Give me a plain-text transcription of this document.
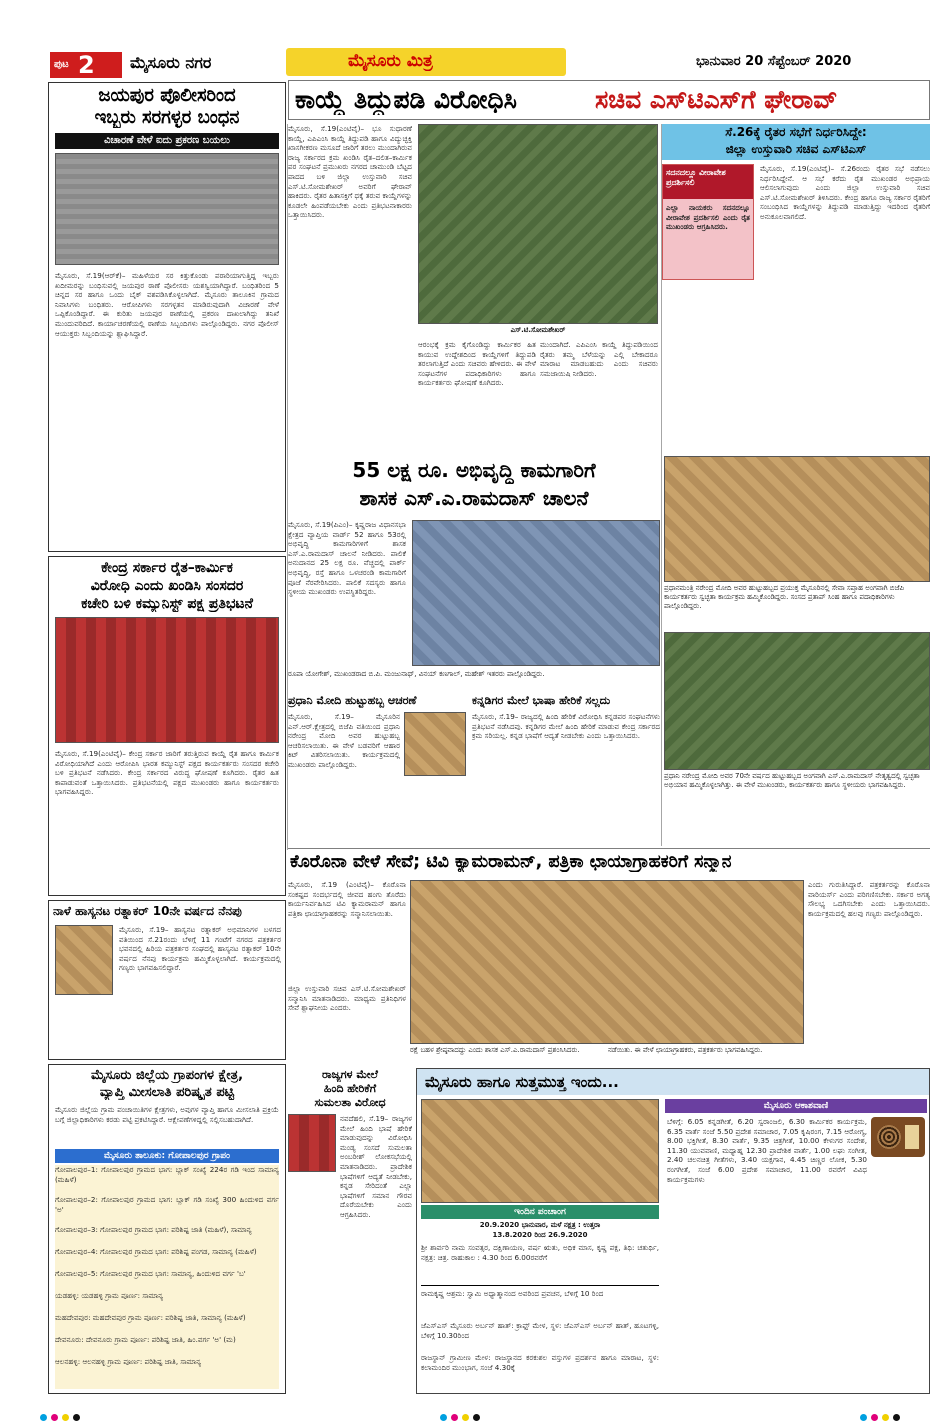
ಪುಟ 2 ಮೈಸೂರು ನಗರ	ಮೈಸೂರು ಮಿತ್ರ	ಭಾನುವಾರ 20 ಸೆಪ್ಟೆಂಬರ್ 2020
ಕಾಯ್ದೆ ತಿದ್ದುಪಡಿ ವಿರೋಧಿಸಿ	ಸಚಿವ ಎಸ್‌ಟಿಎಸ್‌ಗೆ ಘೇರಾವ್
ಜಯಪುರ ಪೊಲೀಸರಿಂದ
ಇಬ್ಬರು ಸರಗಳ್ಳರ ಬಂಧನ
ವಿಚಾರಣೆ ವೇಳೆ ಐದು ಪ್ರಕರಣ ಬಯಲು
ಮೈಸೂರು, ಸೆ.19(ಆರ್‌ಕೆ)– ಮಹಿಳೆಯರ ಸರ ಕಿತ್ತುಕೊಂಡು ಪರಾರಿಯಾಗುತ್ತಿದ್ದ ಇಬ್ಬರು ಖದೀಮರನ್ನು ಬಂಧಿಸುವಲ್ಲಿ ಜಯಪುರ ಠಾಣೆ ಪೊಲೀಸರು ಯಶಸ್ವಿಯಾಗಿದ್ದಾರೆ. ಬಂಧಿತರಿಂದ 5 ಚಿನ್ನದ ಸರ ಹಾಗೂ ಒಂದು ಬೈಕ್ ವಶಪಡಿಸಿಕೊಳ್ಳಲಾಗಿದೆ. ಮೈಸೂರು ತಾಲೂಕಿನ ಗ್ರಾಮದ ನಿವಾಸಿಗಳು ಬಂಧಿತರು. ಆರೋಪಿಗಳು ಸರಗಳ್ಳತನ ಮಾಡಿರುವುದಾಗಿ ವಿಚಾರಣೆ ವೇಳೆ ಒಪ್ಪಿಕೊಂಡಿದ್ದಾರೆ. ಈ ಕುರಿತು ಜಯಪುರ ಠಾಣೆಯಲ್ಲಿ ಪ್ರಕರಣ ದಾಖಲಾಗಿದ್ದು ತನಿಖೆ ಮುಂದುವರಿದಿದೆ. ಕಾರ್ಯಾಚರಣೆಯಲ್ಲಿ ಠಾಣೆಯ ಸಿಬ್ಬಂದಿಗಳು ಪಾಲ್ಗೊಂಡಿದ್ದರು. ನಗರ ಪೊಲೀಸ್ ಆಯುಕ್ತರು ಸಿಬ್ಬಂದಿಯನ್ನು ಶ್ಲಾಘಿಸಿದ್ದಾರೆ.
ಕೇಂದ್ರ ಸರ್ಕಾರ ರೈತ–ಕಾರ್ಮಿಕ
ವಿರೋಧಿ ಎಂದು ಖಂಡಿಸಿ ಸಂಸದರ
ಕಚೇರಿ ಬಳಿ ಕಮ್ಯುನಿಸ್ಟ್ ಪಕ್ಷ ಪ್ರತಿಭಟನೆ
ಮೈಸೂರು, ಸೆ.19(ಎಂಟಿವೈ)– ಕೇಂದ್ರ ಸರ್ಕಾರ ಜಾರಿಗೆ ತರುತ್ತಿರುವ ಕಾಯ್ದೆ ರೈತ ಹಾಗೂ ಕಾರ್ಮಿಕ ವಿರೋಧಿಯಾಗಿದೆ ಎಂದು ಆರೋಪಿಸಿ ಭಾರತ ಕಮ್ಯುನಿಸ್ಟ್ ಪಕ್ಷದ ಕಾರ್ಯಕರ್ತರು ಸಂಸದರ ಕಚೇರಿ ಬಳಿ ಪ್ರತಿಭಟನೆ ನಡೆಸಿದರು. ಕೇಂದ್ರ ಸರ್ಕಾರದ ವಿರುದ್ಧ ಘೋಷಣೆ ಕೂಗಿದರು. ರೈತರ ಹಿತ ಕಾಪಾಡುವಂತೆ ಒತ್ತಾಯಿಸಿದರು. ಪ್ರತಿಭಟನೆಯಲ್ಲಿ ಪಕ್ಷದ ಮುಖಂಡರು ಹಾಗೂ ಕಾರ್ಯಕರ್ತರು ಭಾಗವಹಿಸಿದ್ದರು.
ನಾಳೆ ಹಾಸ್ಯನಟ ರತ್ನಾಕರ್ 10ನೇ ವರ್ಷದ ನೆನಪು
ಮೈಸೂರು, ಸೆ.19– ಹಾಸ್ಯನಟ ರತ್ನಾಕರ್ ಅಭಿಮಾನಿಗಳ ಬಳಗದ ವತಿಯಿಂದ ಸೆ.21ರಂದು ಬೆಳಿಗ್ಗೆ 11 ಗಂಟೆಗೆ ನಗರದ ಪತ್ರಕರ್ತರ ಭವನದಲ್ಲಿ ಹಿರಿಯ ಪತ್ರಕರ್ತರ ಸಂಘದಲ್ಲಿ ಹಾಸ್ಯನಟ ರತ್ನಾಕರ್ 10ನೇ ವರ್ಷದ ನೆನಪು ಕಾರ್ಯಕ್ರಮ ಹಮ್ಮಿಕೊಳ್ಳಲಾಗಿದೆ. ಕಾರ್ಯಕ್ರಮದಲ್ಲಿ ಗಣ್ಯರು ಭಾಗವಹಿಸಲಿದ್ದಾರೆ.
ಮೈಸೂರು ಜಿಲ್ಲೆಯ ಗ್ರಾಪಂಗಳ ಕ್ಷೇತ್ರ,
ವ್ಯಾಪ್ತಿ ಮೀಸಲಾತಿ ಪರಿಷ್ಕೃತ ಪಟ್ಟಿ
ಮೈಸೂರು ಜಿಲ್ಲೆಯ ಗ್ರಾಮ ಪಂಚಾಯಿತಿಗಳ ಕ್ಷೇತ್ರಗಳು, ಅವುಗಳ ವ್ಯಾಪ್ತಿ ಹಾಗೂ ಮೀಸಲಾತಿ ಪ್ರಕ್ರಿಯೆ ಬಗ್ಗೆ ಜಿಲ್ಲಾಧಿಕಾರಿಗಳು ಕರಡು ಪಟ್ಟಿ ಪ್ರಕಟಿಸಿದ್ದಾರೆ. ಆಕ್ಷೇಪಣೆಗಳಿದ್ದಲ್ಲಿ ಸಲ್ಲಿಸಬಹುದಾಗಿದೆ.
ಮೈಸೂರು ತಾಲೂಕು: ಗೋಪಾಲಪುರ ಗ್ರಾಪಂ
ಗೋಪಾಲಪುರ–1: ಗೋಪಾಲಪುರ ಗ್ರಾಮದ ಭಾಗ: ಬ್ಲಾಕ್ ಸಂಖ್ಯೆ 224ರ ಗಡಿ ಇಂದ ಸಾಮಾನ್ಯ (ಮಹಿಳೆ)
ಗೋಪಾಲಪುರ–2: ಗೋಪಾಲಪುರ ಗ್ರಾಮದ ಭಾಗ: ಬ್ಲಾಕ್ ಗಡಿ ಸಂಖ್ಯೆ 300 ಹಿಂದುಳಿದ ವರ್ಗ 'ಅ'
ಗೋಪಾಲಪುರ–3: ಗೋಪಾಲಪುರ ಗ್ರಾಮದ ಭಾಗ: ಪರಿಶಿಷ್ಟ ಜಾತಿ (ಮಹಿಳೆ), ಸಾಮಾನ್ಯ
ಗೋಪಾಲಪುರ–4: ಗೋಪಾಲಪುರ ಗ್ರಾಮದ ಭಾಗ: ಪರಿಶಿಷ್ಟ ಪಂಗಡ, ಸಾಮಾನ್ಯ (ಮಹಿಳೆ)
ಗೋಪಾಲಪುರ–5: ಗೋಪಾಲಪುರ ಗ್ರಾಮದ ಭಾಗ: ಸಾಮಾನ್ಯ, ಹಿಂದುಳಿದ ವರ್ಗ 'ಬ'
ಯಡಹಳ್ಳಿ: ಯಡಹಳ್ಳಿ ಗ್ರಾಮ ಪೂರ್ಣ: ಸಾಮಾನ್ಯ
ಮಹದೇವಪುರ: ಮಹದೇವಪುರ ಗ್ರಾಮ ಪೂರ್ಣ: ಪರಿಶಿಷ್ಟ ಜಾತಿ, ಸಾಮಾನ್ಯ (ಮಹಿಳೆ)
ದೇವನೂರು: ದೇವನೂರು ಗ್ರಾಮ ಪೂರ್ಣ: ಪರಿಶಿಷ್ಟ ಜಾತಿ, ಹಿಂ.ವರ್ಗ 'ಅ' (ಮ)
ಆಲನಹಳ್ಳಿ: ಆಲನಹಳ್ಳಿ ಗ್ರಾಮ ಪೂರ್ಣ: ಪರಿಶಿಷ್ಟ ಜಾತಿ, ಸಾಮಾನ್ಯ
ಮೈಸೂರು, ಸೆ.19(ಎಂಟಿವೈ)– ಭೂ ಸುಧಾರಣೆ ಕಾಯ್ದೆ, ಎಪಿಎಂಸಿ ಕಾಯ್ದೆ ತಿದ್ದುಪಡಿ ಹಾಗೂ ವಿದ್ಯುಚ್ಛಕ್ತಿ ಖಾಸಗೀಕರಣ ಮಸೂದೆ ಜಾರಿಗೆ ತರಲು ಮುಂದಾಗಿರುವ ರಾಜ್ಯ ಸರ್ಕಾರದ ಕ್ರಮ ಖಂಡಿಸಿ ರೈತ–ದಲಿತ–ಕಾರ್ಮಿಕ ಪರ ಸಂಘಟನೆ ಪ್ರಮುಖರು ನಗರದ ಚಾಮುಂಡಿ ಬೆಟ್ಟದ ಪಾದದ ಬಳಿ ಜಿಲ್ಲಾ ಉಸ್ತುವಾರಿ ಸಚಿವ ಎಸ್.ಟಿ.ಸೋಮಶೇಖರ್ ಅವರಿಗೆ ಘೇರಾವ್ ಹಾಕಿದರು. ರೈತರ ಹಿತಾಸಕ್ತಿಗೆ ಧಕ್ಕೆ ತರುವ ಕಾಯ್ದೆಗಳನ್ನು ಕೂಡಲೇ ಹಿಂಪಡೆಯಬೇಕು ಎಂದು ಪ್ರತಿಭಟನಾಕಾರರು ಒತ್ತಾಯಿಸಿದರು.
ಎಸ್.ಟಿ.ಸೋಮಶೇಖರ್
ಆರಂಭಕ್ಕೆ ಕ್ರಮ ಕೈಗೊಂಡಿದ್ದು ಕಾರ್ಮಿಕರ ಹಿತ ಕಾಯುವ ಉದ್ದೇಶದಿಂದ ಕಾಯ್ದೆಗಳಿಗೆ ತಿದ್ದುಪಡಿ ತರಲಾಗುತ್ತಿದೆ ಎಂದು ಸಚಿವರು ಹೇಳಿದರು. ಈ ವೇಳೆ ಸಂಘಟನೆಗಳ ಪದಾಧಿಕಾರಿಗಳು ಹಾಗೂ ಕಾರ್ಯಕರ್ತರು ಘೋಷಣೆ ಕೂಗಿದರು.
ಮುಂದಾಗಿದೆ. ಎಪಿಎಂಸಿ ಕಾಯ್ದೆ ತಿದ್ದುಪಡಿಯಿಂದ ರೈತರು ತಮ್ಮ ಬೆಳೆಯನ್ನು ಎಲ್ಲಿ ಬೇಕಾದರೂ ಮಾರಾಟ ಮಾಡಬಹುದು ಎಂದು ಸಚಿವರು ಸಮಜಾಯಿಷಿ ನೀಡಿದರು.
ಸೆ.26ಕ್ಕೆ ರೈತರ ಸಭೆಗೆ ನಿರ್ಧರಿಸಿದ್ದೇ:
ಜಿಲ್ಲಾ ಉಸ್ತುವಾರಿ ಸಚಿವ ಎಸ್‌ಟಿಎಸ್
ಸದನದಲ್ಲೂ ವೀರಾವೇಶ ಪ್ರದರ್ಶಿಸಲಿ
ಎಲ್ಲಾ ನಾಯಕರು ಸದನದಲ್ಲೂ ವೀರಾವೇಶ ಪ್ರದರ್ಶಿಸಲಿ ಎಂದು ರೈತ ಮುಖಂಡರು ಆಗ್ರಹಿಸಿದರು.
ಮೈಸೂರು, ಸೆ.19(ಎಂಟಿವೈ)– ಸೆ.26ರಂದು ರೈತರ ಸಭೆ ನಡೆಸಲು ನಿರ್ಧರಿಸಿದ್ದೇನೆ. ಆ ಸಭೆ ಕರೆದು ರೈತ ಮುಖಂಡರ ಅಭಿಪ್ರಾಯ ಆಲಿಸಲಾಗುವುದು ಎಂದು ಜಿಲ್ಲಾ ಉಸ್ತುವಾರಿ ಸಚಿವ ಎಸ್.ಟಿ.ಸೋಮಶೇಖರ್ ತಿಳಿಸಿದರು. ಕೇಂದ್ರ ಹಾಗೂ ರಾಜ್ಯ ಸರ್ಕಾರ ರೈತರಿಗೆ ಸಂಬಂಧಿಸಿದ ಕಾಯ್ದೆಗಳನ್ನು ತಿದ್ದುಪಡಿ ಮಾಡುತ್ತಿದ್ದು ಇದರಿಂದ ರೈತರಿಗೆ ಅನುಕೂಲವಾಗಲಿದೆ.
55 ಲಕ್ಷ ರೂ. ಅಭಿವೃದ್ಧಿ ಕಾಮಗಾರಿಗೆ
ಶಾಸಕ ಎಸ್.ಎ.ರಾಮದಾಸ್ ಚಾಲನೆ
ಮೈಸೂರು, ಸೆ.19(ಪಿಎಂ)– ಕೃಷ್ಣರಾಜ ವಿಧಾನಸಭಾ ಕ್ಷೇತ್ರದ ವ್ಯಾಪ್ತಿಯ ವಾರ್ಡ್ 52 ಹಾಗೂ 53ರಲ್ಲಿ ಅಭಿವೃದ್ಧಿ ಕಾಮಗಾರಿಗಳಿಗೆ ಶಾಸಕ ಎಸ್.ಎ.ರಾಮದಾಸ್ ಚಾಲನೆ ನೀಡಿದರು. ಪಾಲಿಕೆ ಅನುದಾನದ 25 ಲಕ್ಷ ರೂ. ವೆಚ್ಚದಲ್ಲಿ ಪಾರ್ಕ್ ಅಭಿವೃದ್ಧಿ, ರಸ್ತೆ ಹಾಗೂ ಒಳಚರಂಡಿ ಕಾಮಗಾರಿಗೆ ಪೂಜೆ ನೆರವೇರಿಸಿದರು. ಪಾಲಿಕೆ ಸದಸ್ಯರು ಹಾಗೂ ಸ್ಥಳೀಯ ಮುಖಂಡರು ಉಪಸ್ಥಿತರಿದ್ದರು.
ರೂಪಾ ಯೋಗೇಶ್, ಮುಖಂಡರಾದ ಬಿ.ಪಿ. ಮಂಜುನಾಥ್, ವಿನಯ್ ಕಣಗಾಲ್, ಮಹೇಶ್ ಇತರರು ಪಾಲ್ಗೊಂಡಿದ್ದರು.
ಪ್ರಧಾನಮಂತ್ರಿ ನರೇಂದ್ರ ಮೋದಿ ಅವರ ಹುಟ್ಟುಹಬ್ಬದ ಪ್ರಯುಕ್ತ ಮೈಸೂರಿನಲ್ಲಿ ಸೇವಾ ಸಪ್ತಾಹ ಅಂಗವಾಗಿ ಬಿಜೆಪಿ ಕಾರ್ಯಕರ್ತರು ಸ್ವಚ್ಛತಾ ಕಾರ್ಯಕ್ರಮ ಹಮ್ಮಿಕೊಂಡಿದ್ದರು. ಸಂಸದ ಪ್ರತಾಪ್ ಸಿಂಹ ಹಾಗೂ ಪದಾಧಿಕಾರಿಗಳು ಪಾಲ್ಗೊಂಡಿದ್ದರು.
ಪ್ರಧಾನಿ ನರೇಂದ್ರ ಮೋದಿ ಅವರ 70ನೇ ವರ್ಷದ ಹುಟ್ಟುಹಬ್ಬದ ಅಂಗವಾಗಿ ಎಸ್.ಎ.ರಾಮದಾಸ್ ನೇತೃತ್ವದಲ್ಲಿ ಸ್ವಚ್ಛತಾ ಅಭಿಯಾನ ಹಮ್ಮಿಕೊಳ್ಳಲಾಗಿತ್ತು. ಈ ವೇಳೆ ಮುಖಂಡರು, ಕಾರ್ಯಕರ್ತರು ಹಾಗೂ ಸ್ಥಳೀಯರು ಭಾಗವಹಿಸಿದ್ದರು.
ಪ್ರಧಾನಿ ಮೋದಿ ಹುಟ್ಟುಹಬ್ಬ ಆಚರಣೆ
ಮೈಸೂರು, ಸೆ.19– ಮೈಸೂರಿನ ಎನ್.ಆರ್.ಕ್ಷೇತ್ರದಲ್ಲಿ ಬಿಜೆಪಿ ವತಿಯಿಂದ ಪ್ರಧಾನಿ ನರೇಂದ್ರ ಮೋದಿ ಅವರ ಹುಟ್ಟುಹಬ್ಬ ಆಚರಿಸಲಾಯಿತು. ಈ ವೇಳೆ ಬಡವರಿಗೆ ಆಹಾರ ಕಿಟ್ ವಿತರಿಸಲಾಯಿತು. ಕಾರ್ಯಕ್ರಮದಲ್ಲಿ ಮುಖಂಡರು ಪಾಲ್ಗೊಂಡಿದ್ದರು.
ಕನ್ನಡಿಗರ ಮೇಲೆ ಭಾಷಾ ಹೇರಿಕೆ ಸಲ್ಲದು
ಮೈಸೂರು, ಸೆ.19– ರಾಜ್ಯದಲ್ಲಿ ಹಿಂದಿ ಹೇರಿಕೆ ವಿರೋಧಿಸಿ ಕನ್ನಡಪರ ಸಂಘಟನೆಗಳು ಪ್ರತಿಭಟನೆ ನಡೆಸಿದವು. ಕನ್ನಡಿಗರ ಮೇಲೆ ಹಿಂದಿ ಹೇರಿಕೆ ಮಾಡುವ ಕೇಂದ್ರ ಸರ್ಕಾರದ ಕ್ರಮ ಸರಿಯಲ್ಲ. ಕನ್ನಡ ಭಾಷೆಗೆ ಆದ್ಯತೆ ನೀಡಬೇಕು ಎಂದು ಒತ್ತಾಯಿಸಿದರು.
ಕೊರೊನಾ ವೇಳೆ ಸೇವೆ; ಟಿವಿ ಕ್ಯಾಮರಾಮನ್, ಪತ್ರಿಕಾ ಛಾಯಾಗ್ರಾಹಕರಿಗೆ ಸನ್ಮಾನ
ಮೈಸೂರು, ಸೆ.19 (ಎಂಟಿವೈ)– ಕೊರೊನಾ ಸಂಕಷ್ಟದ ಸಂದರ್ಭದಲ್ಲಿ ಜೀವದ ಹಂಗು ತೊರೆದು ಕಾರ್ಯನಿರ್ವಹಿಸಿದ ಟಿವಿ ಕ್ಯಾಮರಾಮನ್ ಹಾಗೂ ಪತ್ರಿಕಾ ಛಾಯಾಗ್ರಾಹಕರನ್ನು ಸನ್ಮಾನಿಸಲಾಯಿತು.
ಜಿಲ್ಲಾ ಉಸ್ತುವಾರಿ ಸಚಿವ ಎಸ್.ಟಿ.ಸೋಮಶೇಖರ್ ಸನ್ಮಾನಿಸಿ ಮಾತನಾಡಿದರು. ಮಾಧ್ಯಮ ಪ್ರತಿನಿಧಿಗಳ ಸೇವೆ ಶ್ಲಾಘನೀಯ ಎಂದರು.
ರಕ್ಷೆ ಬಹಳ ಶ್ರೇಷ್ಠವಾದದ್ದು ಎಂದು ಶಾಸಕ ಎಸ್.ಎ.ರಾಮದಾಸ್ ಪ್ರಶಂಸಿಸಿದರು.	ನಡೆಯಿತು. ಈ ವೇಳೆ ಛಾಯಾಗ್ರಾಹಕರು, ಪತ್ರಕರ್ತರು ಭಾಗವಹಿಸಿದ್ದರು.
ಎಂದು ಗುರುತಿಸಿದ್ದಾರೆ. ಪತ್ರಕರ್ತರನ್ನು ಕೊರೊನಾ ವಾರಿಯರ್ಸ್ ಎಂದು ಪರಿಗಣಿಸಬೇಕು. ಸರ್ಕಾರ ಅಗತ್ಯ ಸೌಲಭ್ಯ ಒದಗಿಸಬೇಕು ಎಂದು ಒತ್ತಾಯಿಸಿದರು. ಕಾರ್ಯಕ್ರಮದಲ್ಲಿ ಹಲವು ಗಣ್ಯರು ಪಾಲ್ಗೊಂಡಿದ್ದರು.
ರಾಜ್ಯಗಳ ಮೇಲೆ
ಹಿಂದಿ ಹೇರಿಕೆಗೆ
ಸುಮಲತಾ ವಿರೋಧ
ನವದೆಹಲಿ, ಸೆ.19– ರಾಜ್ಯಗಳ ಮೇಲೆ ಹಿಂದಿ ಭಾಷೆ ಹೇರಿಕೆ ಮಾಡುವುದನ್ನು ವಿರೋಧಿಸಿ ಮಂಡ್ಯ ಸಂಸದೆ ಸುಮಲತಾ ಅಂಬರೀಶ್ ಲೋಕಸಭೆಯಲ್ಲಿ ಮಾತನಾಡಿದರು. ಪ್ರಾದೇಶಿಕ ಭಾಷೆಗಳಿಗೆ ಆದ್ಯತೆ ನೀಡಬೇಕು, ಕನ್ನಡ ಸೇರಿದಂತೆ ಎಲ್ಲಾ ಭಾಷೆಗಳಿಗೆ ಸಮಾನ ಗೌರವ ದೊರೆಯಬೇಕು ಎಂದು ಆಗ್ರಹಿಸಿದರು.
ಮೈಸೂರು ಹಾಗೂ ಸುತ್ತಮುತ್ತ ಇಂದು...
ಇಂದಿನ ಪಂಚಾಂಗ
20.9.2020 ಭಾನುವಾರ, ಮಳೆ ನಕ್ಷತ್ರ : ಉತ್ತರಾ
13.8.2020 ರಿಂದ 26.9.2020
ಶ್ರೀ ಶಾರ್ವರಿ ನಾಮ ಸಂವತ್ಸರ, ದಕ್ಷಿಣಾಯಣ, ವರ್ಷ ಋತು, ಅಧಿಕ ಮಾಸ, ಕೃಷ್ಣ ಪಕ್ಷ, ತಿಥಿ: ಚತುರ್ಥಿ, ನಕ್ಷತ್ರ: ಚಿತ್ರ. ರಾಹುಕಾಲ : 4.30 ರಿಂದ 6.00ರವರೆಗೆ
ರಾಮಕೃಷ್ಣ ಆಶ್ರಮ: ಸ್ವಾಮಿ ಅಧ್ಯಾತ್ಮಾನಂದ ಅವರಿಂದ ಪ್ರವಚನ, ಬೆಳಿಗ್ಗೆ 10 ರಿಂದ
ಜೆಎಸ್‌ಎಸ್ ಮೈಸೂರು ಅರ್ಬನ್ ಹಾತ್: ಕ್ರಾಫ್ಟ್ ಮೇಳ, ಸ್ಥಳ: ಜೆಎಸ್‌ಎಸ್ ಅರ್ಬನ್ ಹಾತ್, ಹೂಟಗಳ್ಳಿ, ಬೆಳಿಗ್ಗೆ 10.30ರಿಂದ
ರಾಜಸ್ಥಾನ್ ಗ್ರಾಮೀಣ ಮೇಳ: ರಾಜಸ್ಥಾನದ ಕರಕುಶಲ ವಸ್ತುಗಳ ಪ್ರದರ್ಶನ ಹಾಗೂ ಮಾರಾಟ, ಸ್ಥಳ: ಕಲಾಮಂದಿರ ಮುಂಭಾಗ, ಸಂಜೆ 4.30ಕ್ಕೆ
ಮೈಸೂರು ಆಕಾಶವಾಣಿ
ಬೆಳಿಗ್ಗೆ: 6.05 ಕನ್ನಡಗೀತೆ, 6.20 ಸ್ವರಾಂಜಲಿ, 6.30 ಕಾರ್ಮಿಕರ ಕಾರ್ಯಕ್ರಮ, 6.35 ವಾರ್ತೆ ಸಂಜೆ 5.50 ಪ್ರದೇಶ ಸಮಾಚಾರ, 7.05 ಕೃಷಿರಂಗ, 7.15 ಆರೋಗ್ಯ, 8.00 ಭಕ್ತಿಗೀತೆ, 8.30 ವಾರ್ತೆ, 9.35 ಚಿತ್ರಗೀತೆ, 10.00 ಕೇಳುಗರ ಸಂದೇಶ, 11.30 ಯುವವಾಣಿ, ಮಧ್ಯಾಹ್ನ 12.30 ಪ್ರಾದೇಶಿಕ ವಾರ್ತೆ, 1.00 ಲಘು ಸಂಗೀತ, 2.40 ಚಲನಚಿತ್ರ ಗೀತೆಗಳು, 3.40 ಯಕ್ಷಗಾನ, 4.45 ಚಿಣ್ಣರ ಲೋಕ, 5.30 ರಂಗಗೀತೆ, ಸಂಜೆ 6.00 ಪ್ರದೇಶ ಸಮಾಚಾರ, 11.00 ರವರೆಗೆ ವಿವಿಧ ಕಾರ್ಯಕ್ರಮಗಳು
